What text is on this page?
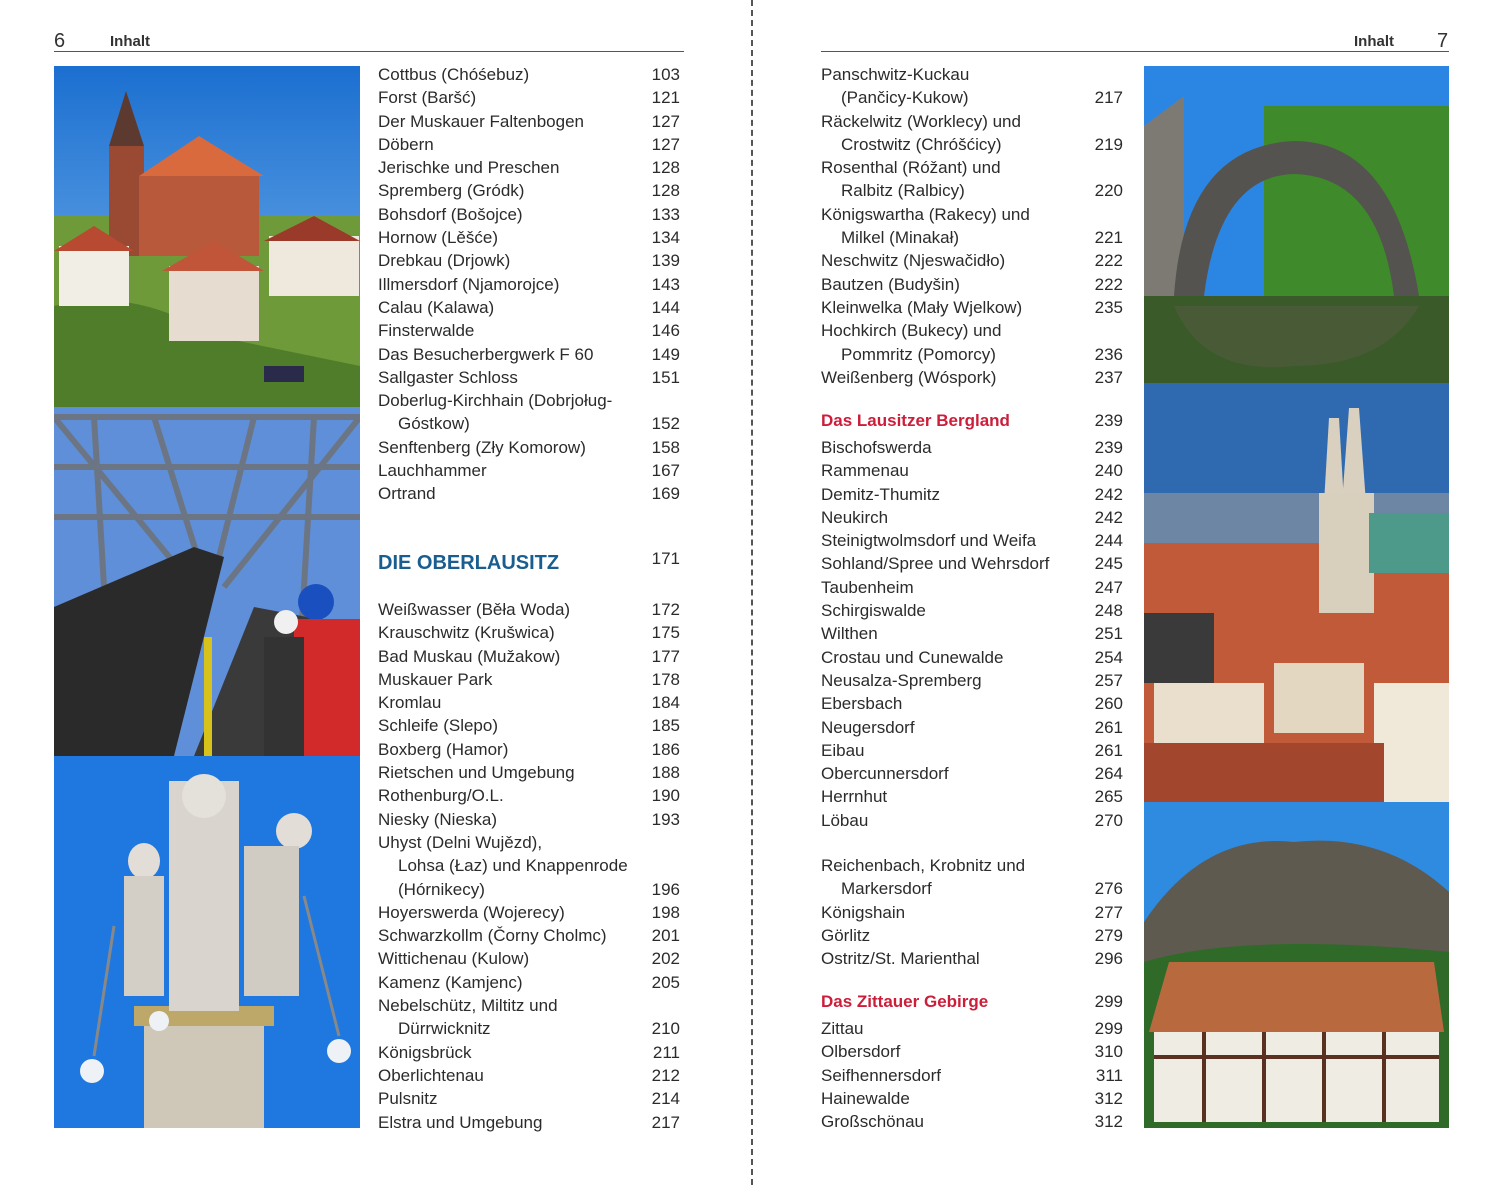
6	Inhalt	Inhalt 7
Cottbus (Chóśebuz)	103
Forst (Baršć)	121
Der Muskauer Faltenbogen	127
Döbern	127
Jerischke und Preschen	128
Spremberg (Gródk)	128
Bohsdorf (Bošojce)	133
Hornow (Lěšće)	134
Drebkau (Drjowk)	139
Illmersdorf (Njamorojce)	143
Calau (Kalawa)	144
Finsterwalde	146
Das Besucherbergwerk F 60	149
Sallgaster Schloss	151
Doberlug-Kirchhain (Dobrjoług-
Góstkow)	152
Senftenberg (Zły Komorow)	158
Lauchhammer	167
Ortrand	169
DIE OBERLAUSITZ	171
Weißwasser (Běła Woda)	172
Krauschwitz (Krušwica)	175
Bad Muskau (Mužakow)	177
Muskauer Park	178
Kromlau	184
Schleife (Slepo)	185
Boxberg (Hamor)	186
Rietschen und Umgebung	188
Rothenburg/O.L.	190
Niesky (Nieska)	193
Uhyst (Delni Wujězd),
Lohsa (Łaz) und Knappenrode
(Hórnikecy)	196
Hoyerswerda (Wojerecy)	198
Schwarzkollm (Čorny Cholmc)	201
Wittichenau (Kulow)	202
Kamenz (Kamjenc)	205
Nebelschütz, Miltitz und
Dürrwicknitz	210
Königsbrück	211
Oberlichtenau	212
Pulsnitz	214
Elstra und Umgebung	217
Panschwitz-Kuckau
(Pančicy-Kukow)	217
Räckelwitz (Worklecy) und
Crostwitz (Chróšćicy)	219
Rosenthal (Róžant) und
Ralbitz (Ralbicy)	220
Königswartha (Rakecy) und
Milkel (Minakał)	221
Neschwitz (Njeswačidło)	222
Bautzen (Budyšin)	222
Kleinwelka (Mały Wjelkow)	235
Hochkirch (Bukecy) und
Pommritz (Pomorcy)	236
Weißenberg (Wóspork)	237
Das Lausitzer Bergland	239
Bischofswerda	239
Rammenau	240
Demitz-Thumitz	242
Neukirch	242
Steinigtwolmsdorf und Weifa	244
Sohland/Spree und Wehrsdorf	245
Taubenheim	247
Schirgiswalde	248
Wilthen	251
Crostau und Cunewalde	254
Neusalza-Spremberg	257
Ebersbach	260
Neugersdorf	261
Eibau	261
Obercunnersdorf	264
Herrnhut	265
Löbau	270
Reichenbach, Krobnitz und
Markersdorf	276
Königshain	277
Görlitz	279
Ostritz/St. Marienthal	296
Das Zittauer Gebirge	299
Zittau	299
Olbersdorf	310
Seifhennersdorf	311
Hainewalde	312
Großschönau	312
